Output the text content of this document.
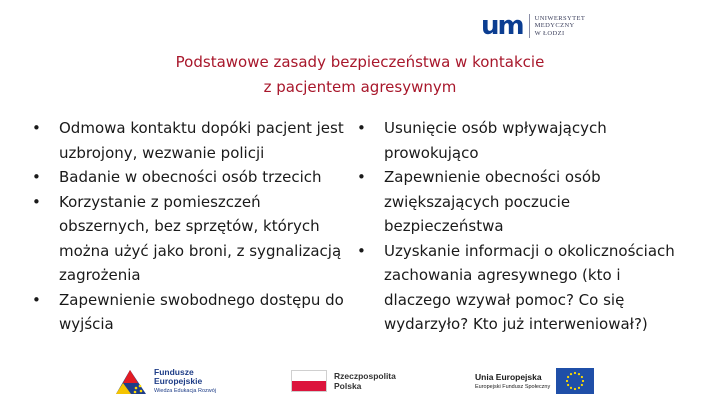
um UNIWERSYTET
MEDYCZNY
W ŁODZI
Podstawowe zasady bezpieczeństwa w kontakcie
z pacjentem agresywnym
• Odmowa kontaktu dopóki pacjent jest uzbrojony, wezwanie policji
• Badanie w obecności osób trzecich
• Korzystanie z pomieszczeń obszernych, bez sprzętów, których można użyć jako broni, z sygnalizacją zagrożenia
• Zapewnienie swobodnego dostępu do wyjścia
• Usunięcie osób wpływających prowokująco
• Zapewnienie obecności osób zwiększających poczucie bezpieczeństwa
• Uzyskanie informacji o okolicznościach zachowania agresywnego (kto i dlaczego wzywał pomoc? Co się wydarzyło? Kto już interweniował?)
Fundusze
Europejskie
Wiedza Edukacja Rozwój
Rzeczpospolita
Polska
Unia Europejska
Europejski Fundusz Społeczny
